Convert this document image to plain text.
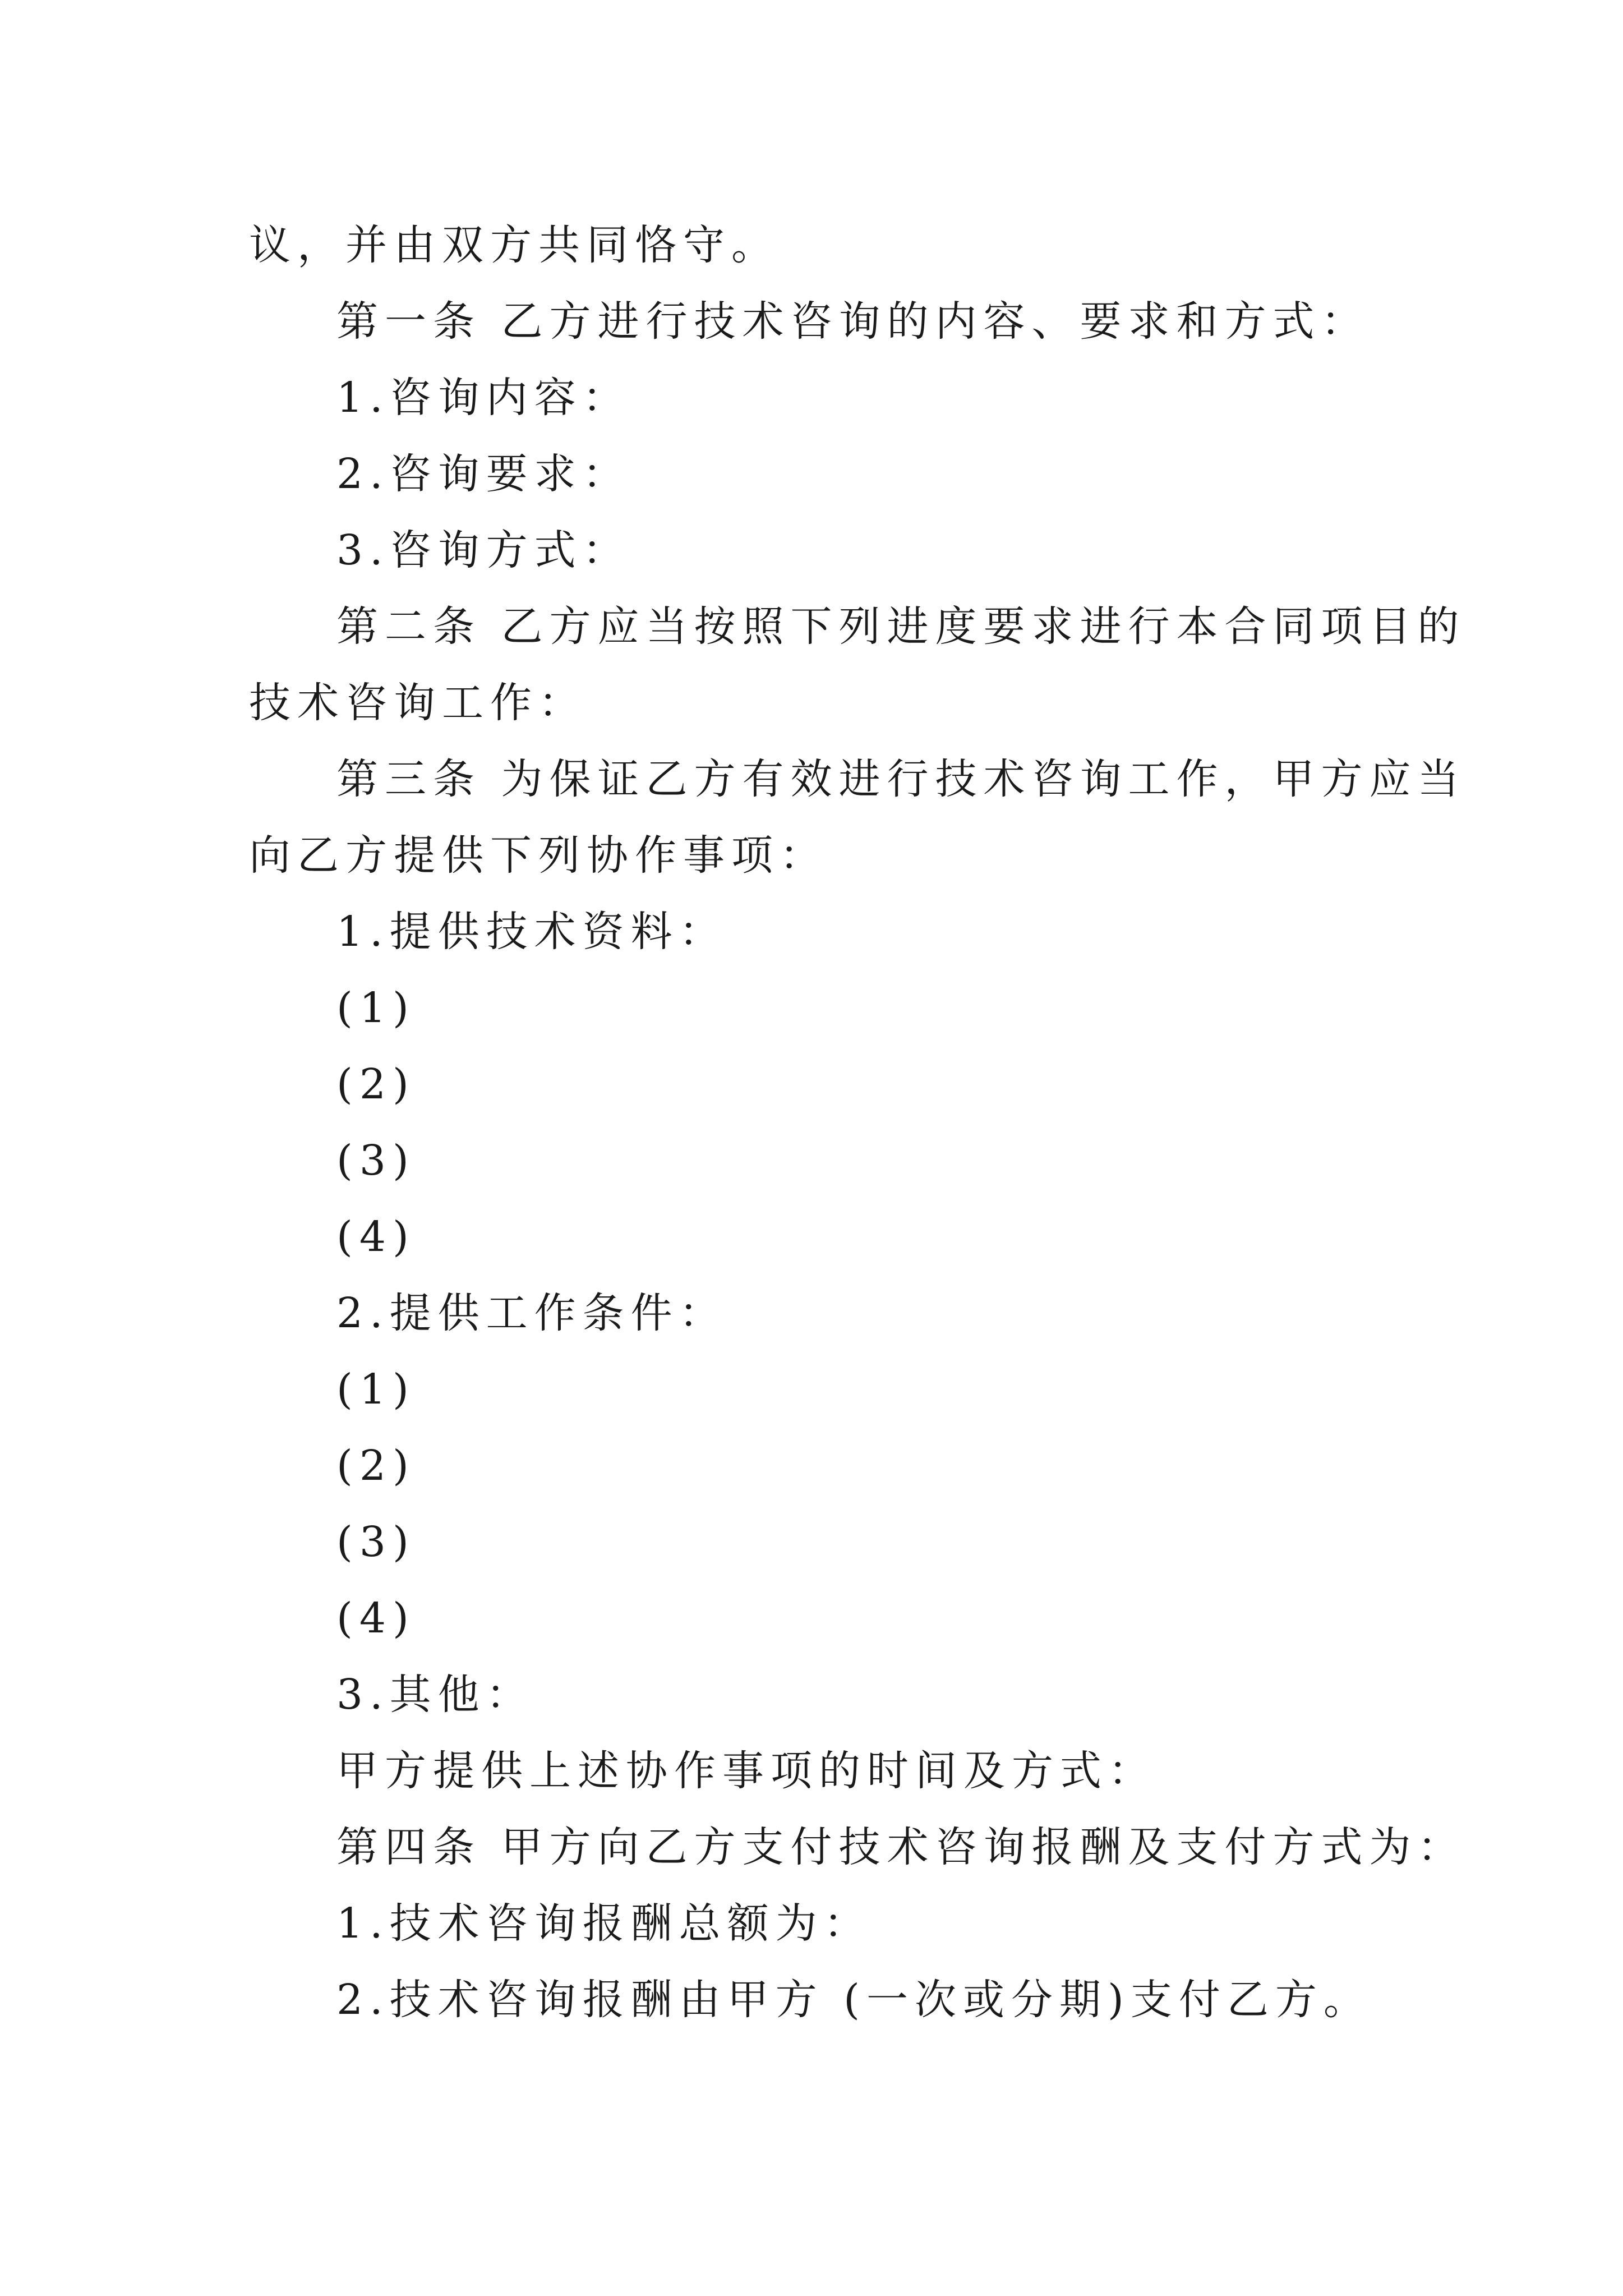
议，并由双方共同恪守。
第一条 乙方进行技术咨询的内容、要求和方式：
1.咨询内容：
2.咨询要求：
3.咨询方式：
第二条 乙方应当按照下列进度要求进行本合同项目的
技术咨询工作：
第三条 为保证乙方有效进行技术咨询工作，甲方应当
向乙方提供下列协作事项：
1.提供技术资料：
(1)
(2)
(3)
(4)
2.提供工作条件：
(1)
(2)
(3)
(4)
3.其他：
甲方提供上述协作事项的时间及方式：
第四条 甲方向乙方支付技术咨询报酬及支付方式为：
1.技术咨询报酬总额为：
2.技术咨询报酬由甲方 (一次或分期)支付乙方。
